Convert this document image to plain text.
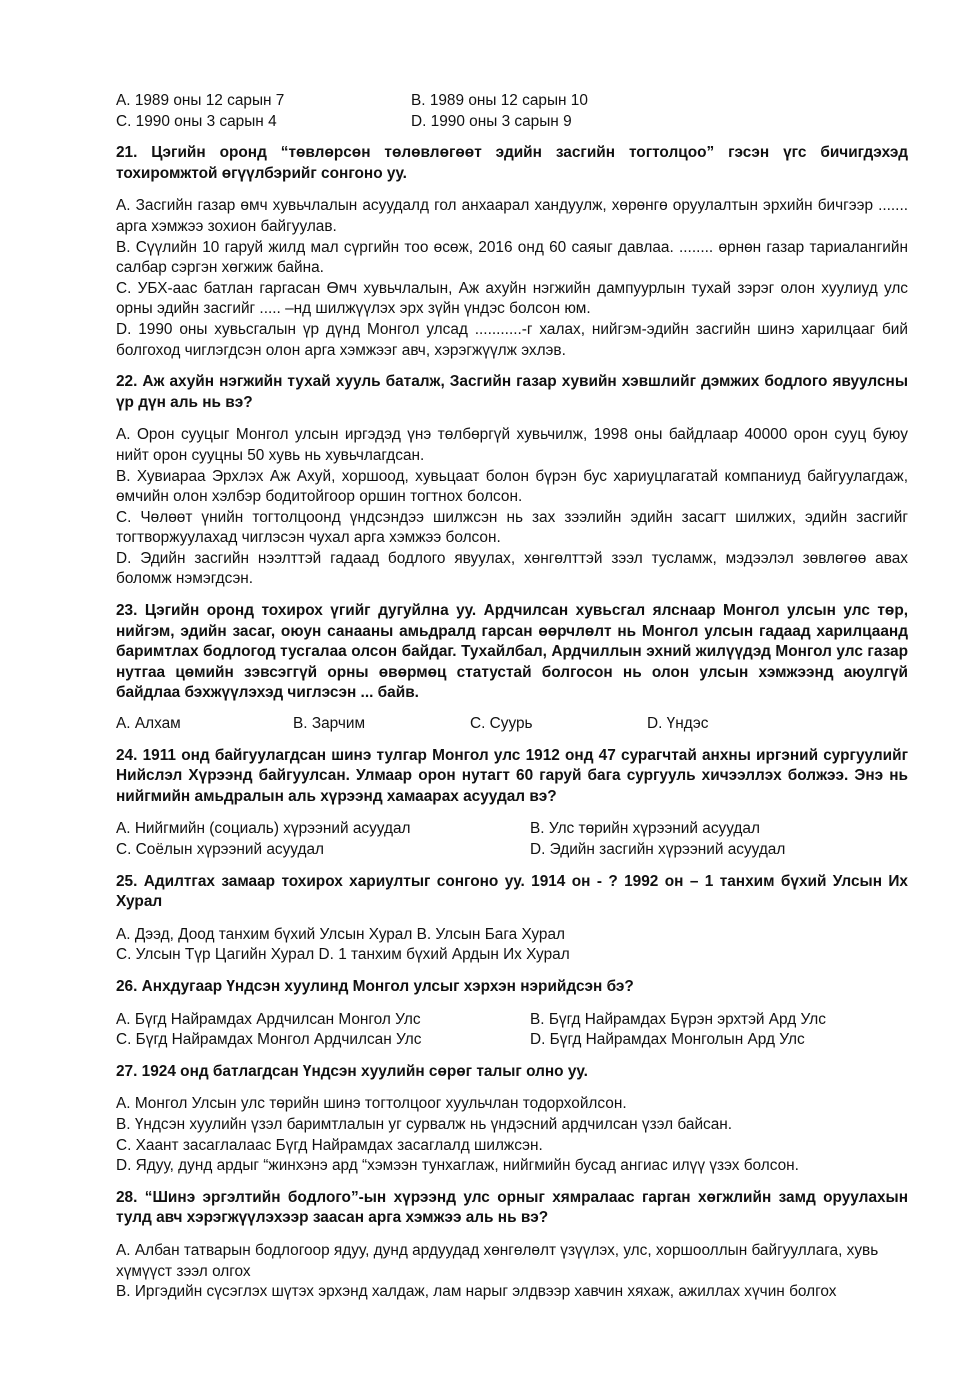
A. 1989 оны 12 сарын 7	B. 1989 оны 12 сарын 10
C. 1990 оны 3 сарын 4	D. 1990 оны 3 сарын 9

21. Цэгийн оронд “төвлөрсөн төлөвлөгөөт эдийн засгийн тогтолцоо” гэсэн үгс бичигдэхэд тохиромжтой өгүүлбэрийг сонгоно уу.

A. Засгийн газар өмч хувьчлалын асуудалд гол анхаарал хандуулж, хөрөнгө оруулалтын эрхийн бичгээр ....... арга хэмжээ зохион байгуулав.

B. Сүүлийн 10 гаруй жилд мал сүргийн тоо өсөж, 2016 онд 60 саяыг давлаа. ........ өрнөн газар тариалангийн салбар сэргэн хөгжиж байна.

C. УБХ-аас батлан гаргасан Өмч хувьчлалын, Аж ахуйн нэгжийн дампуурлын тухай зэрэг олон хуулиуд улс орны эдийн засгийг ..... –нд шилжүүлэх эрх зүйн үндэс болсон юм.

D. 1990 оны хувьсгалын үр дүнд Монгол улсад ...........-г халах, нийгэм-эдийн засгийн шинэ харилцааг бий болгоход чиглэгдсэн олон арга хэмжээг авч, хэрэгжүүлж эхлэв.

22. Аж ахуйн нэгжийн тухай хууль баталж, Засгийн газар хувийн хэвшлийг дэмжих бодлого явуулсны үр дүн аль нь вэ?

A. Орон сууцыг Монгол улсын иргэдэд үнэ төлбөргүй хувьчилж, 1998 оны байдлаар 40000 орон сууц буюу нийт орон сууцны 50 хувь нь хувьчлагдсан.

B. Хувиараа Эрхлэх Аж Ахуй, хоршоод, хувьцаат болон бүрэн бус хариуцлагатай компаниуд байгуулагдаж, өмчийн олон хэлбэр бодитойгоор оршин тогтнох болсон.

C. Чөлөөт үнийн тогтолцоонд үндсэндээ шилжсэн нь зах зээлийн эдийн засагт шилжих, эдийн засгийг тогтворжуулахад чиглэсэн чухал арга хэмжээ болсон.

D. Эдийн засгийн нээлттэй гадаад бодлого явуулах, хөнгөлттэй зээл тусламж, мэдээлэл зөвлөгөө авах боломж нэмэгдсэн.

23. Цэгийн оронд тохирох үгийг дугуйлна уу. Ардчилсан хувьсгал ялснаар Монгол улсын улс төр, нийгэм, эдийн засаг, оюун санааны амьдралд гарсан өөрчлөлт нь Монгол улсын гадаад харилцаанд баримтлах бодлогод тусгалаа олсон байдаг. Тухайлбал, Ардчиллын эхний жилүүдэд Монгол улс газар нутгаа цөмийн зэвсэггүй орны өвөрмөц статустай болгосон нь олон улсын хэмжээнд аюулгүй байдлаа бэхжүүлэхэд чиглэсэн ... байв.

A. Алхам	B. Зарчим	C. Суурь	D. Үндэс

24. 1911 онд байгуулагдсан шинэ тулгар Монгол улс 1912 онд 47 сурагчтай анхны иргэний сургуулийг Нийслэл Хүрээнд байгуулсан. Улмаар орон нутагт 60 гаруй бага сургууль хичээллэх болжээ. Энэ нь нийгмийн амьдралын аль хүрээнд хамаарах асуудал вэ?

A. Нийгмийн (социаль) хүрээний асуудал	B. Улс төрийн хүрээний асуудал
C. Соёлын хүрээний асуудал	D. Эдийн засгийн хүрээний асуудал

25. Адилтгах замаар тохирох хариултыг сонгоно уу. 1914 он - ? 1992 он – 1 танхим бүхий Улсын Их Хурал

A. Дээд, Доод танхим бүхий Улсын Хурал B. Улсын Бага Хурал

C. Улсын Түр Цагийн Хурал D. 1 танхим бүхий Ардын Их Хурал

26. Анхдугаар Үндсэн хуулинд Монгол улсыг хэрхэн нэрийдсэн бэ?

A. Бүгд Найрамдах Ардчилсан Монгол Улс	B. Бүгд Найрамдах Бүрэн эрхтэй Ард Улс
C. Бүгд Найрамдах Монгол Ардчилсан Улс	D. Бүгд Найрамдах Монголын Ард Улс

27. 1924 онд батлагдсан Үндсэн хуулийн сөрөг талыг олно уу.

A. Монгол Улсын улс төрийн шинэ тогтолцоог хуульчлан тодорхойлсон.

B. Үндсэн хуулийн үзэл баримтлалын уг сурвалж нь үндэсний ардчилсан үзэл байсан.

C. Хаант засаглалаас Бүгд Найрамдах засаглалд шилжсэн.

D. Ядуу, дунд ардыг “жинхэнэ ард “хэмээн тунхаглаж, нийгмийн бусад ангиас илүү үзэх болсон.

28. “Шинэ эргэлтийн бодлого”-ын хүрээнд улс орныг хямралаас гарган хөгжлийн замд оруулахын тулд авч хэрэгжүүлэхээр заасан арга хэмжээ аль нь вэ?

A. Албан татварын бодлогоор ядуу, дунд ардуудад хөнгөлөлт үзүүлэх, улс, хоршооллын байгууллага, хувь хүмүүст зээл олгох

B. Иргэдийн сүсэглэх шүтэх эрхэнд халдаж, лам нарыг элдвээр хавчин хяхаж, ажиллах хүчин болгох
